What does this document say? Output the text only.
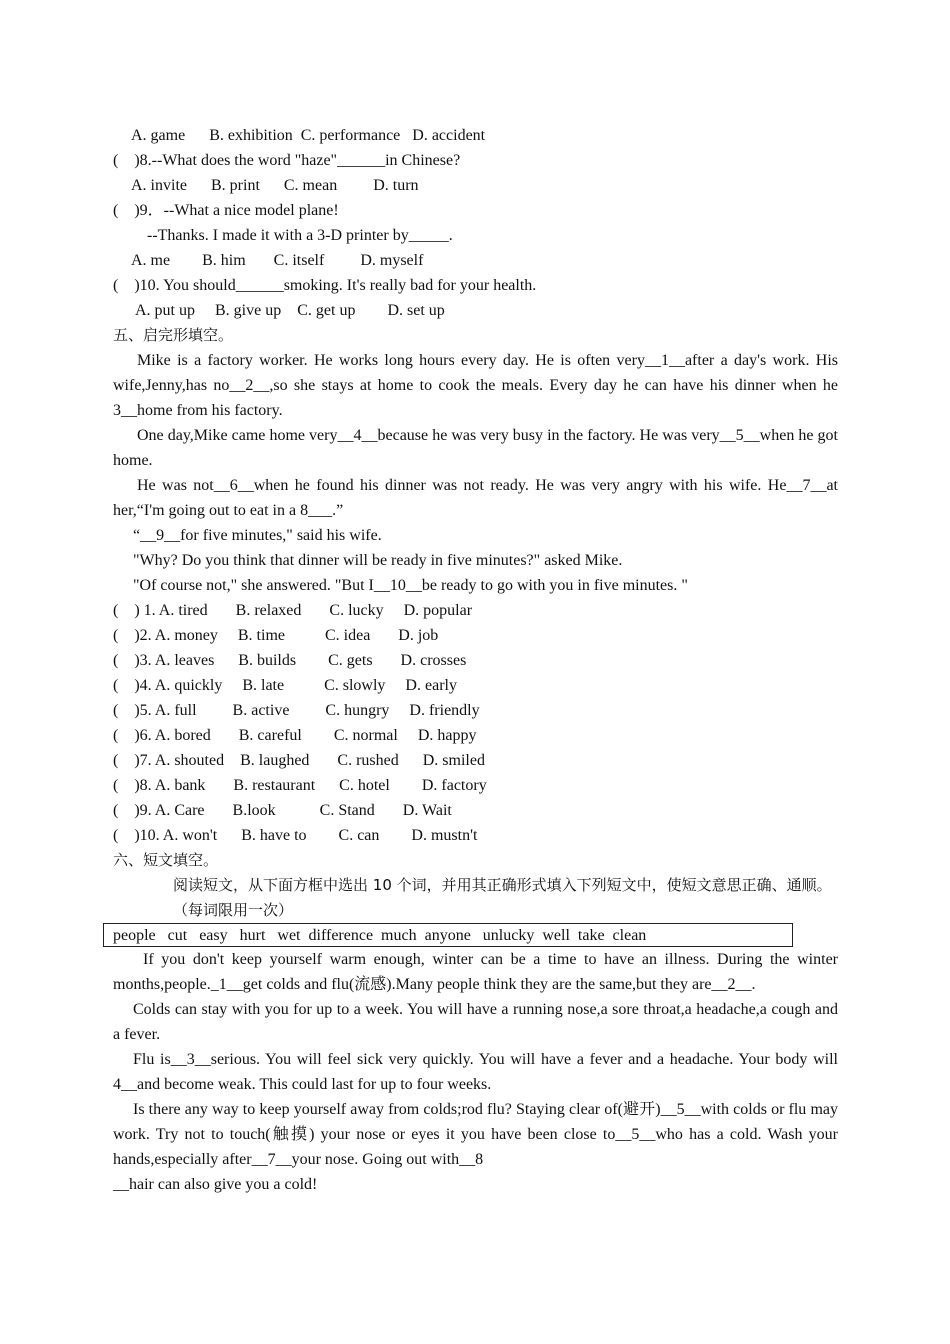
A. game      B. exhibition  C. performance   D. accident
(    )8.--What does the word "haze"______in Chinese?
A. invite      B. print      C. mean         D. turn
(    )9．--What a nice model plane!
--Thanks. I made it with a 3-D printer by_____.
A. me        B. him       C. itself         D. myself
(    )10. You should______smoking. It's really bad for your health.
A. put up     B. give up    C. get up        D. set up
五、启完形填空。
Mike is a factory worker. He works long hours every day. He is often very__1__after a day's work. His wife,Jenny,has no__2__,so she stays at home to cook the meals. Every day he can have his dinner when he 3__home from his factory.
One day,Mike came home very__4__because he was very busy in the factory. He was very__5__when he got home.
He was not__6__when he found his dinner was not ready. He was very angry with his wife. He__7__at her,“I'm going out to eat in a 8___.”
“__9__for five minutes," said his wife.
"Why? Do you think that dinner will be ready in five minutes?" asked Mike.
"Of course not," she answered. "But I__10__be ready to go with you in five minutes. "
(    ) 1. A. tired       B. relaxed       C. lucky     D. popular
(    )2. A. money     B. time          C. idea       D. job
(    )3. A. leaves      B. builds        C. gets       D. crosses
(    )4. A. quickly     B. late          C. slowly     D. early
(    )5. A. full         B. active         C. hungry     D. friendly
(    )6. A. bored       B. careful        C. normal     D. happy
(    )7. A. shouted    B. laughed       C. rushed      D. smiled
(    )8. A. bank       B. restaurant      C. hotel        D. factory
(    )9. A. Care       B.look           C. Stand       D. Wait
(    )10. A. won't      B. have to        C. can        D. mustn't
六、短文填空。
阅读短文，从下面方框中选出 10 个词，并用其正确形式填入下列短文中，使短文意思正确、通顺。（每词限用一次）
people   cut   easy   hurt   wet  difference  much  anyone   unlucky  well  take  clean
If you don't keep yourself warm enough, winter can be a time to have an illness. During the winter months,people._1__get colds and flu(流感).Many people think they are the same,but they are__2__.
Colds can stay with you for up to a week. You will have a running nose,a sore throat,a headache,a cough and a fever.
Flu is__3__serious. You will feel sick very quickly. You will have a fever and a headache. Your body will 4__and become weak. This could last for up to four weeks.
Is there any way to keep yourself away from colds;rod flu? Staying clear of(避开)__5__with colds or flu may work. Try not to touch(触摸) your nose or eyes it you have been close to__5__who has a cold. Wash your hands,especially after__7__your nose. Going out with__8
__hair can also give you a cold!
